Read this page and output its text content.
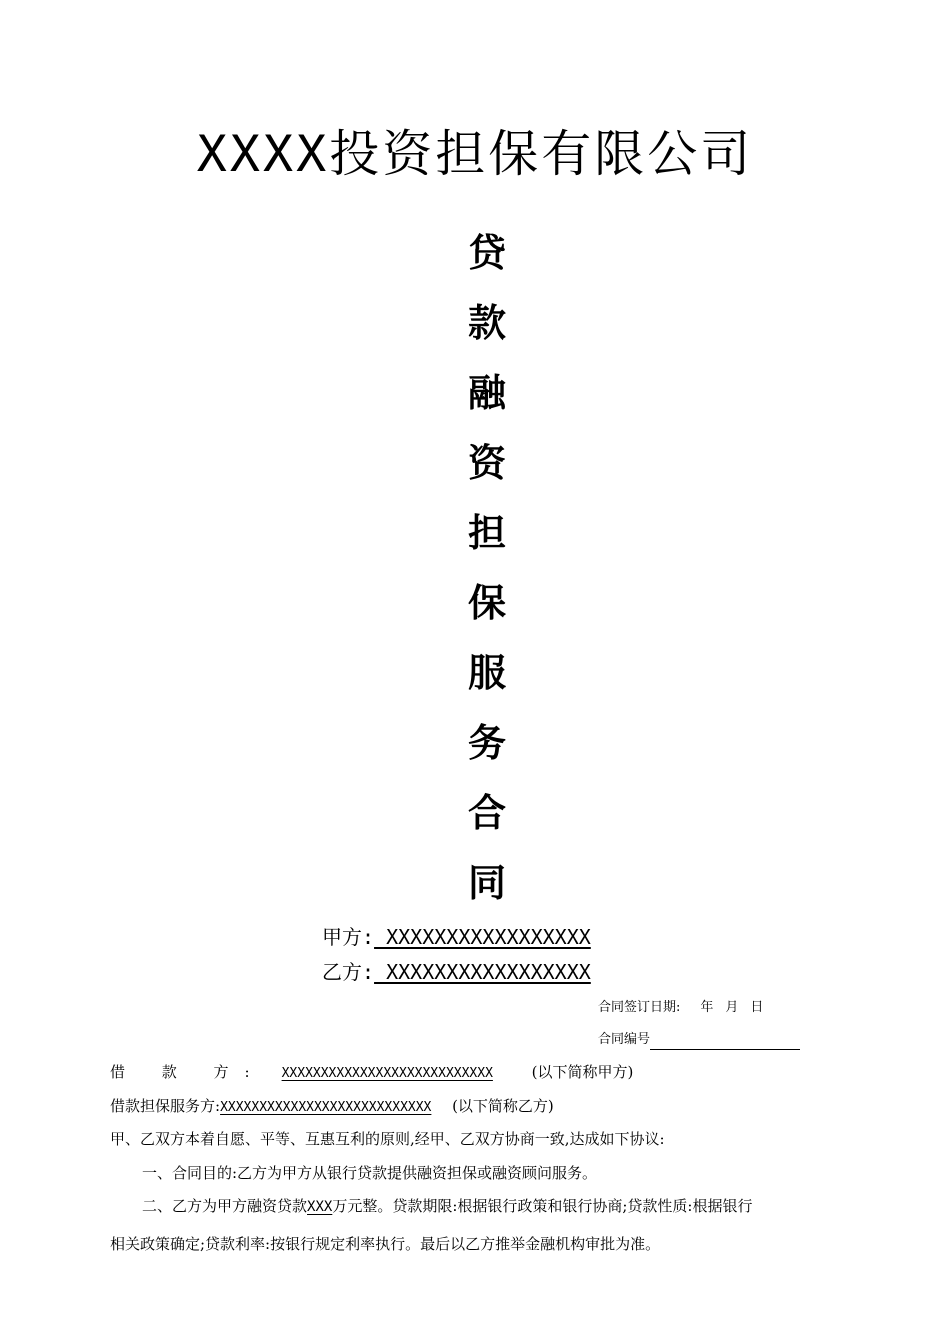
XXXX投资担保有限公司
贷
款
融
资
担
保
服
务
合
同
甲方: XXXXXXXXXXXXXXXXX
乙方: XXXXXXXXXXXXXXXXX
合同签订日期: 年 月 日
合同编号
借 款 方: XXXXXXXXXXXXXXXXXXXXXXXXXXX	(以下简称甲方)
借款担保服务方:XXXXXXXXXXXXXXXXXXXXXXXXXXX (以下简称乙方)
甲、乙双方本着自愿、平等、互惠互利的原则,经甲、乙双方协商一致,达成如下协议:
一、合同目的:乙方为甲方从银行贷款提供融资担保或融资顾问服务。
二、乙方为甲方融资贷款XXX万元整。贷款期限:根据银行政策和银行协商;贷款性质:根据银行
相关政策确定;贷款利率:按银行规定利率执行。最后以乙方推举金融机构审批为准。
